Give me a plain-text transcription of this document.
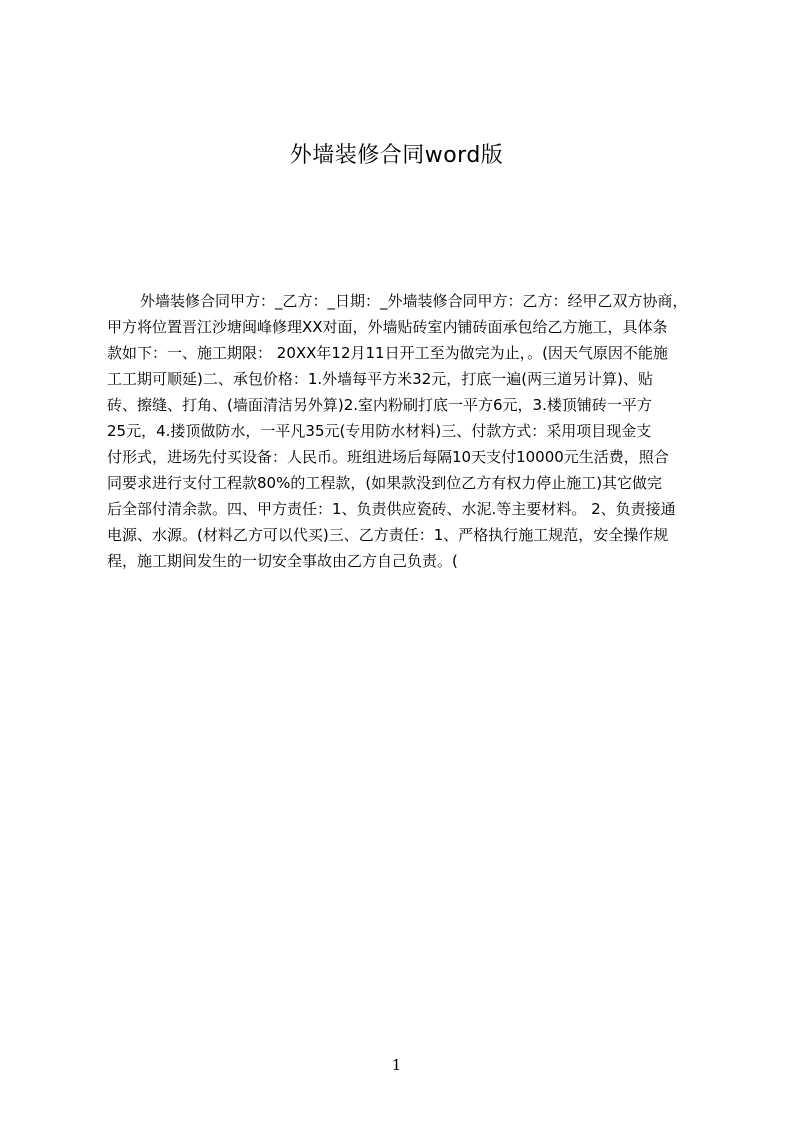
外墙装修合同word版
外墙装修合同甲方：_乙方：_日期：_外墙装修合同甲方：乙方：经甲乙双方协商，
甲方将位置晋江沙塘闽峰修理XX对面，外墙贴砖室内铺砖面承包给乙方施工，具体条
款如下：一、施工期限： 20XX年12月11日开工至为做完为止，。(因天气原因不能施
工工期可顺延)二、承包价格：1.外墙每平方米32元，打底一遍(两三道另计算)、贴
砖、擦缝、打角、(墙面清洁另外算)2.室内粉刷打底一平方6元，3.楼顶铺砖一平方
25元，4.搂顶做防水，一平凡35元(专用防水材料)三、付款方式：采用项目现金支
付形式，进场先付买设备：人民币。班组进场后每隔10天支付10000元生活费，照合
同要求进行支付工程款80%的工程款，(如果款没到位乙方有权力停止施工)其它做完
后全部付清余款。四、甲方责任：1、负责供应瓷砖、水泥.等主要材料。 2、负责接通
电源、水源。(材料乙方可以代买)三、乙方责任：1、严格执行施工规范，安全操作规
程，施工期间发生的一切安全事故由乙方自己负责。(
1
